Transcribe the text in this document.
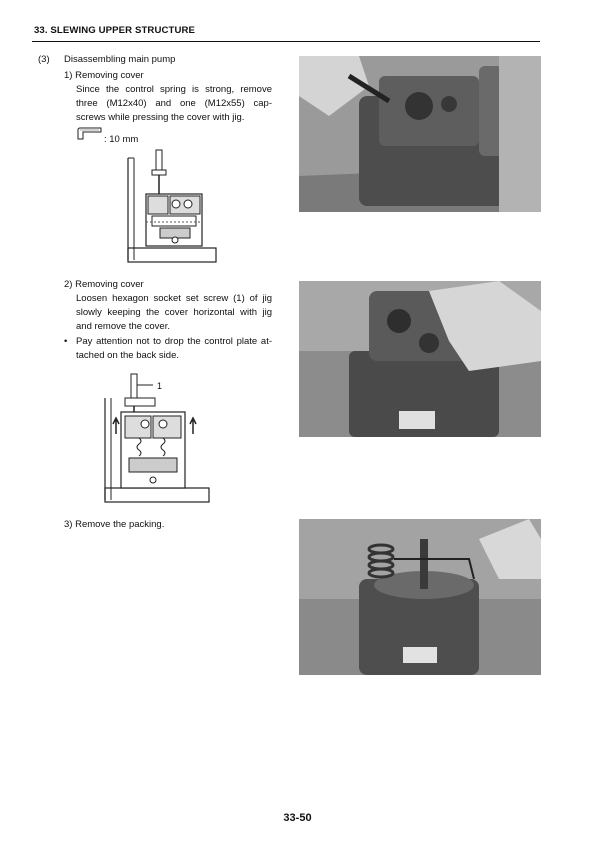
33. SLEWING UPPER STRUCTURE
(3) Disassembling main pump
1) Removing cover
Since the control spring is strong, remove
three (M12x40) and one (M12x55) cap-
screws while pressing the cover with jig.
: 10 mm
2) Removing cover
Loosen hexagon socket set screw (1) of jig
slowly keeping the cover horizontal with jig
and remove the cover.
• Pay attention not to drop the control plate at-
tached on the back side.
1
3) Remove the packing.
33-50
